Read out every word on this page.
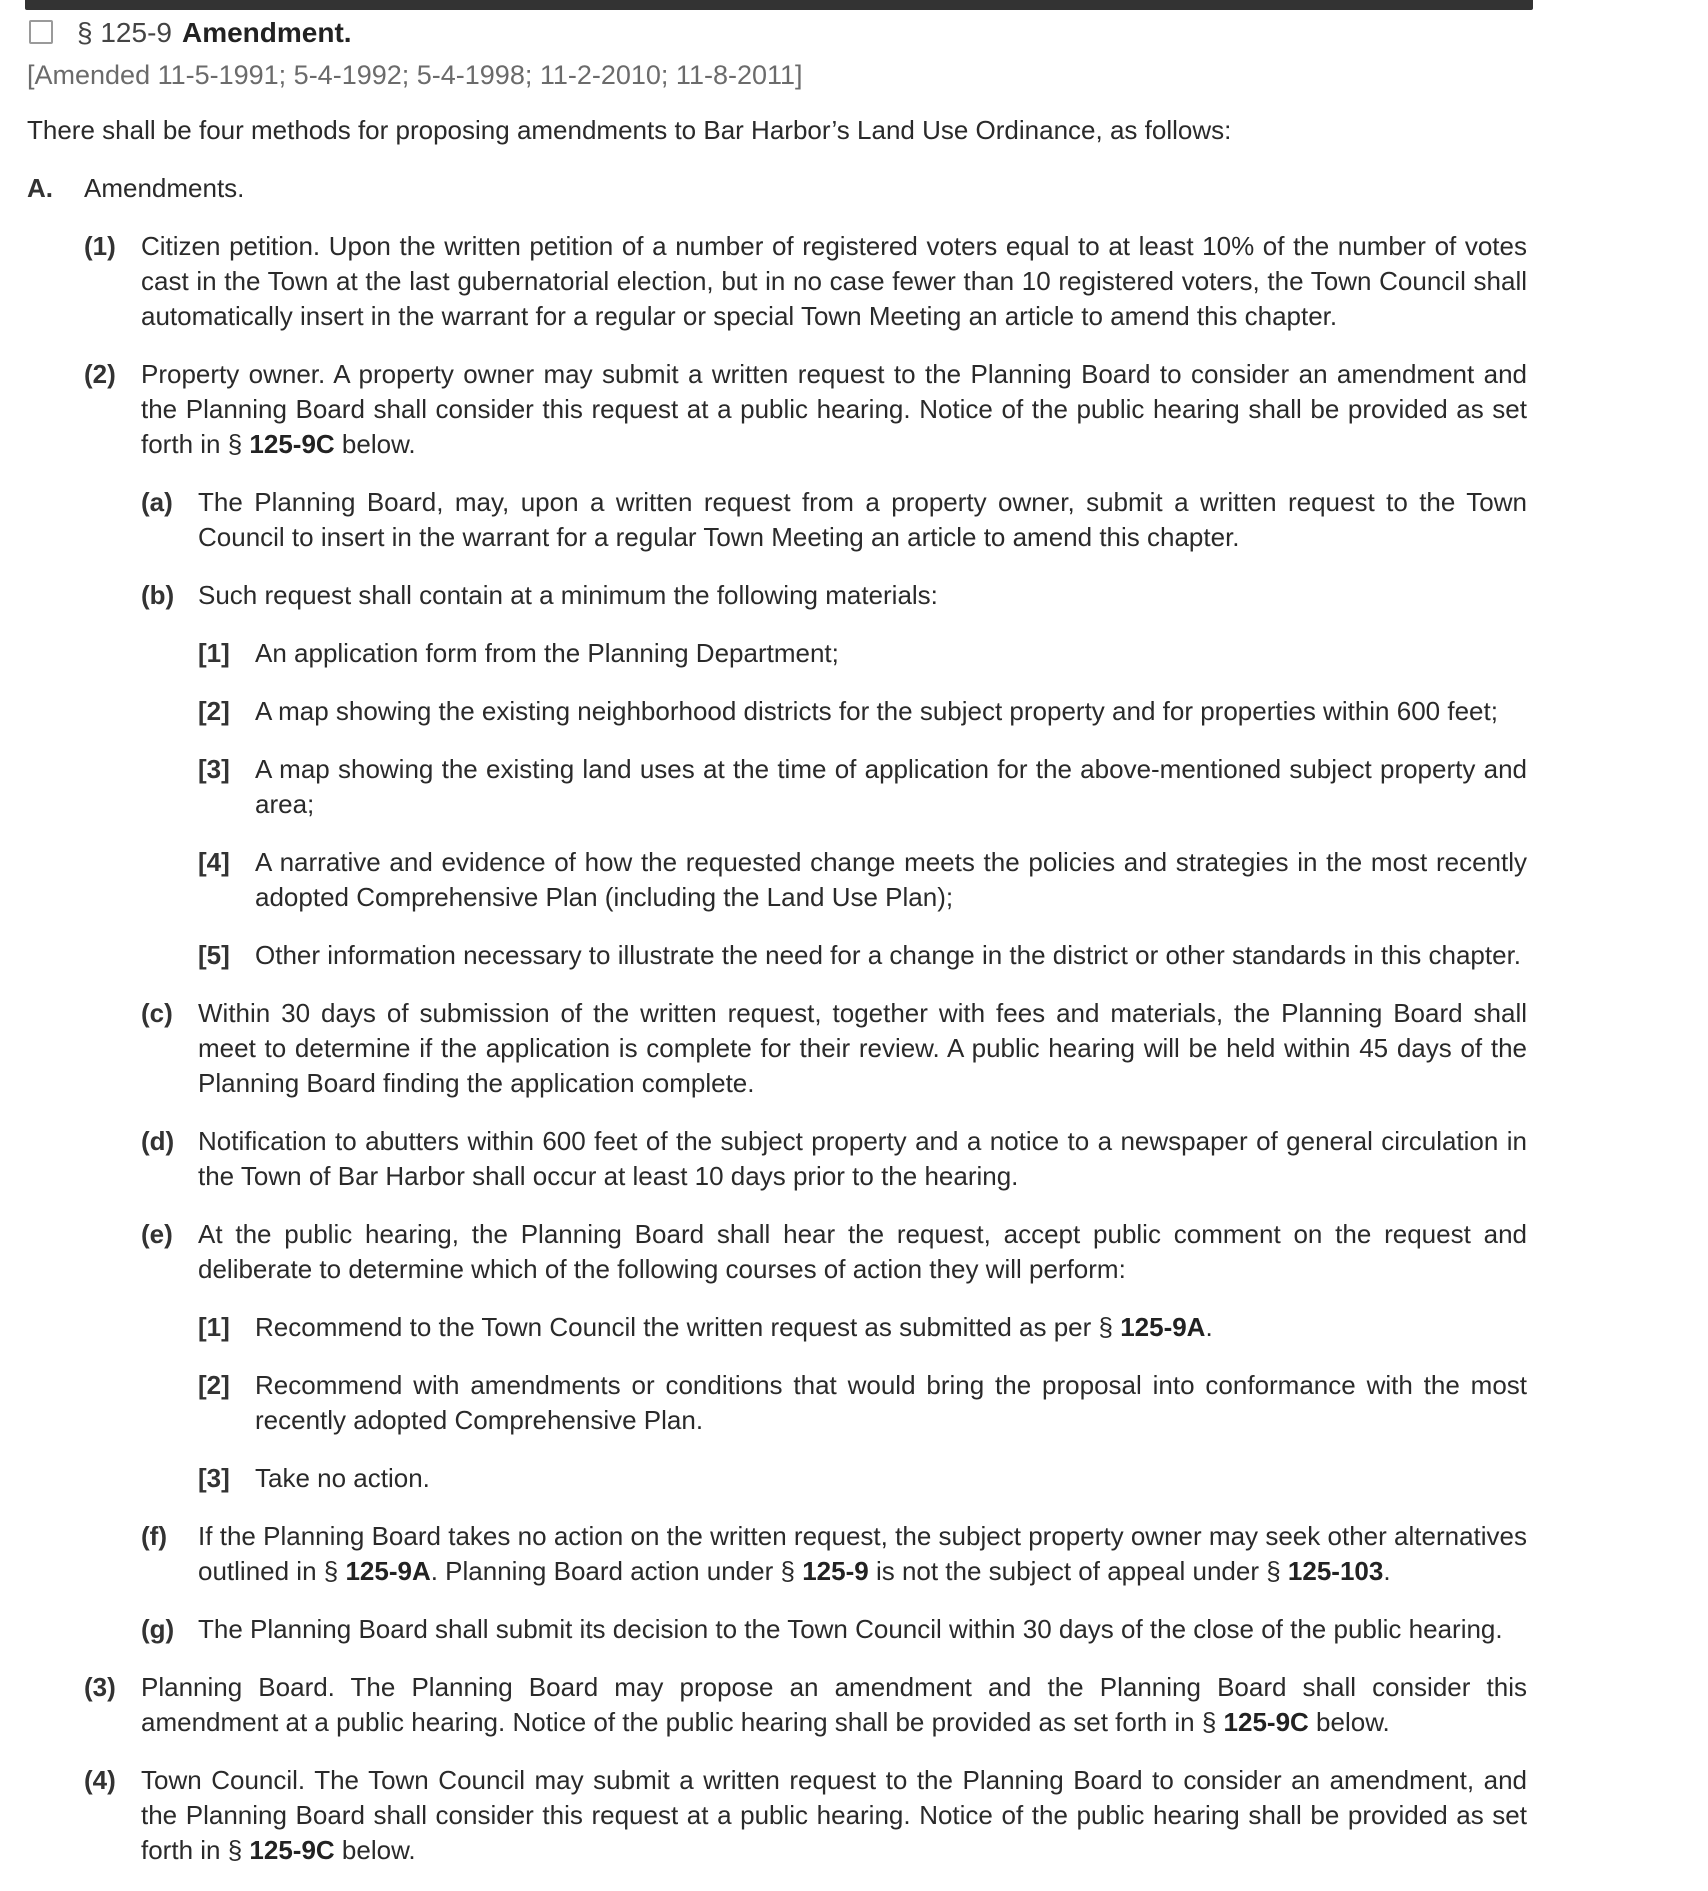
§ 125-9 Amendment.
[Amended 11-5-1991; 5-4-1992; 5-4-1998; 11-2-2010; 11-8-2011]
There shall be four methods for proposing amendments to Bar Harbor’s Land Use Ordinance, as follows:
A.	Amendments.
(1) Citizen petition. Upon the written petition of a number of registered voters equal to at least 10% of the number of votes cast in the Town at the last gubernatorial election, but in no case fewer than 10 registered voters, the Town Council shall automatically insert in the warrant for a regular or special Town Meeting an article to amend this chapter.
(2) Property owner. A property owner may submit a written request to the Planning Board to consider an amendment and the Planning Board shall consider this request at a public hearing. Notice of the public hearing shall be provided as set forth in § 125-9C below.
(a) The Planning Board, may, upon a written request from a property owner, submit a written request to the Town Council to insert in the warrant for a regular Town Meeting an article to amend this chapter.
(b) Such request shall contain at a minimum the following materials:
[1] An application form from the Planning Department;
[2] A map showing the existing neighborhood districts for the subject property and for properties within 600 feet;
[3] A map showing the existing land uses at the time of application for the above-mentioned subject property and area;
[4] A narrative and evidence of how the requested change meets the policies and strategies in the most recently adopted Comprehensive Plan (including the Land Use Plan);
[5] Other information necessary to illustrate the need for a change in the district or other standards in this chapter.
(c) Within 30 days of submission of the written request, together with fees and materials, the Planning Board shall meet to determine if the application is complete for their review. A public hearing will be held within 45 days of the Planning Board finding the application complete.
(d) Notification to abutters within 600 feet of the subject property and a notice to a newspaper of general circulation in the Town of Bar Harbor shall occur at least 10 days prior to the hearing.
(e) At the public hearing, the Planning Board shall hear the request, accept public comment on the request and deliberate to determine which of the following courses of action they will perform:
[1] Recommend to the Town Council the written request as submitted as per § 125-9A.
[2] Recommend with amendments or conditions that would bring the proposal into conformance with the most recently adopted Comprehensive Plan.
[3] Take no action.
(f)	If the Planning Board takes no action on the written request, the subject property owner may seek other alternatives outlined in § 125-9A. Planning Board action under § 125-9 is not the subject of appeal under § 125-103.
(g) The Planning Board shall submit its decision to the Town Council within 30 days of the close of the public hearing.
(3) Planning Board. The Planning Board may propose an amendment and the Planning Board shall consider this amendment at a public hearing. Notice of the public hearing shall be provided as set forth in § 125-9C below.
(4) Town Council. The Town Council may submit a written request to the Planning Board to consider an amendment, and the Planning Board shall consider this request at a public hearing. Notice of the public hearing shall be provided as set forth in § 125-9C below.
